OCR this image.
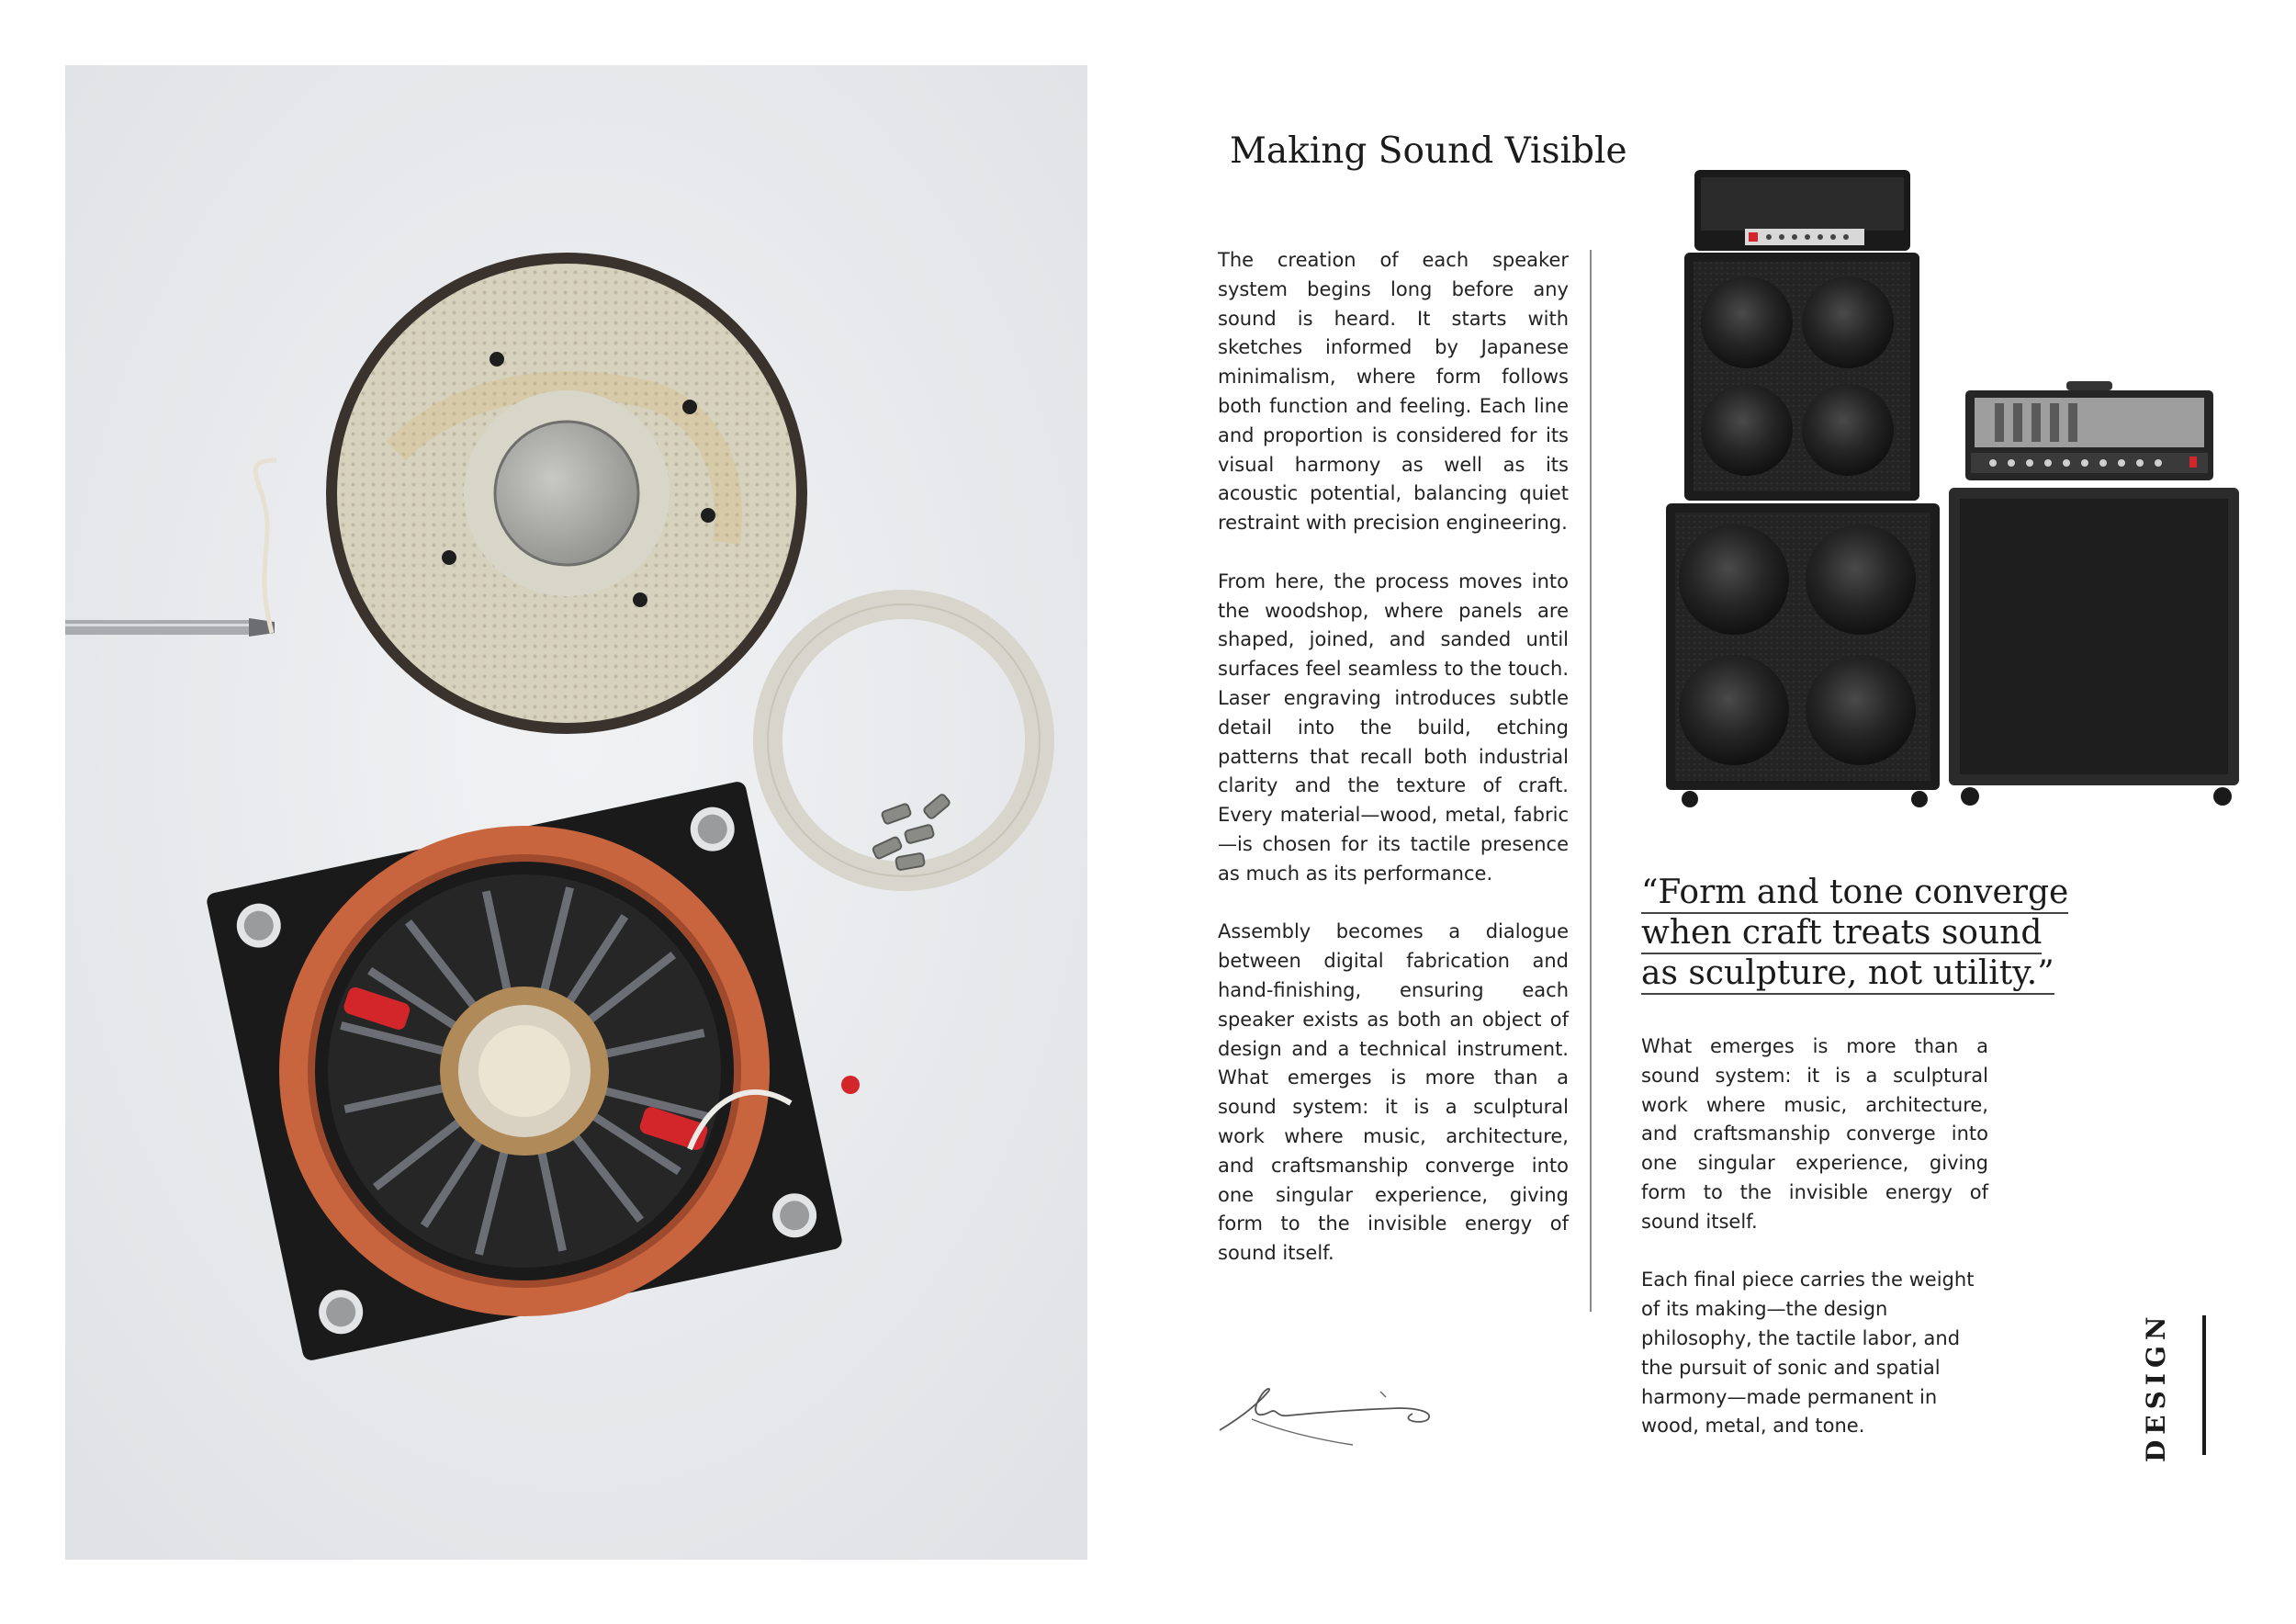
Making Sound Visible

The creation of each speaker system begins long before any sound is heard. It starts with sketches informed by Japanese minimalism, where form follows both function and feeling. Each line and proportion is considered for its visual harmony as well as its acoustic potential, balancing quiet restraint with precision engineering.

From here, the process moves into the woodshop, where panels are shaped, joined, and sanded until surfaces feel seamless to the touch. Laser engraving introduces subtle detail into the build, etching patterns that recall both industrial clarity and the texture of craft. Every material—wood, metal, fabric—is chosen for its tactile presence as much as its performance.

Assembly becomes a dialogue between digital fabrication and hand-finishing, ensuring each speaker exists as both an object of design and a technical instrument. What emerges is more than a sound system: it is a sculptural work where music, architecture, and craftsmanship converge into one singular experience, giving form to the invisible energy of sound itself.

“Form and tone converge when craft treats sound as sculpture, not utility.”

What emerges is more than a sound system: it is a sculptural work where music, architecture, and craftsmanship converge into one singular experience, giving form to the invisible energy of sound itself.

Each final piece carries the weight of its making—the design philosophy, the tactile labor, and the pursuit of sonic and spatial harmony—made permanent in wood, metal, and tone.	DESIGN
